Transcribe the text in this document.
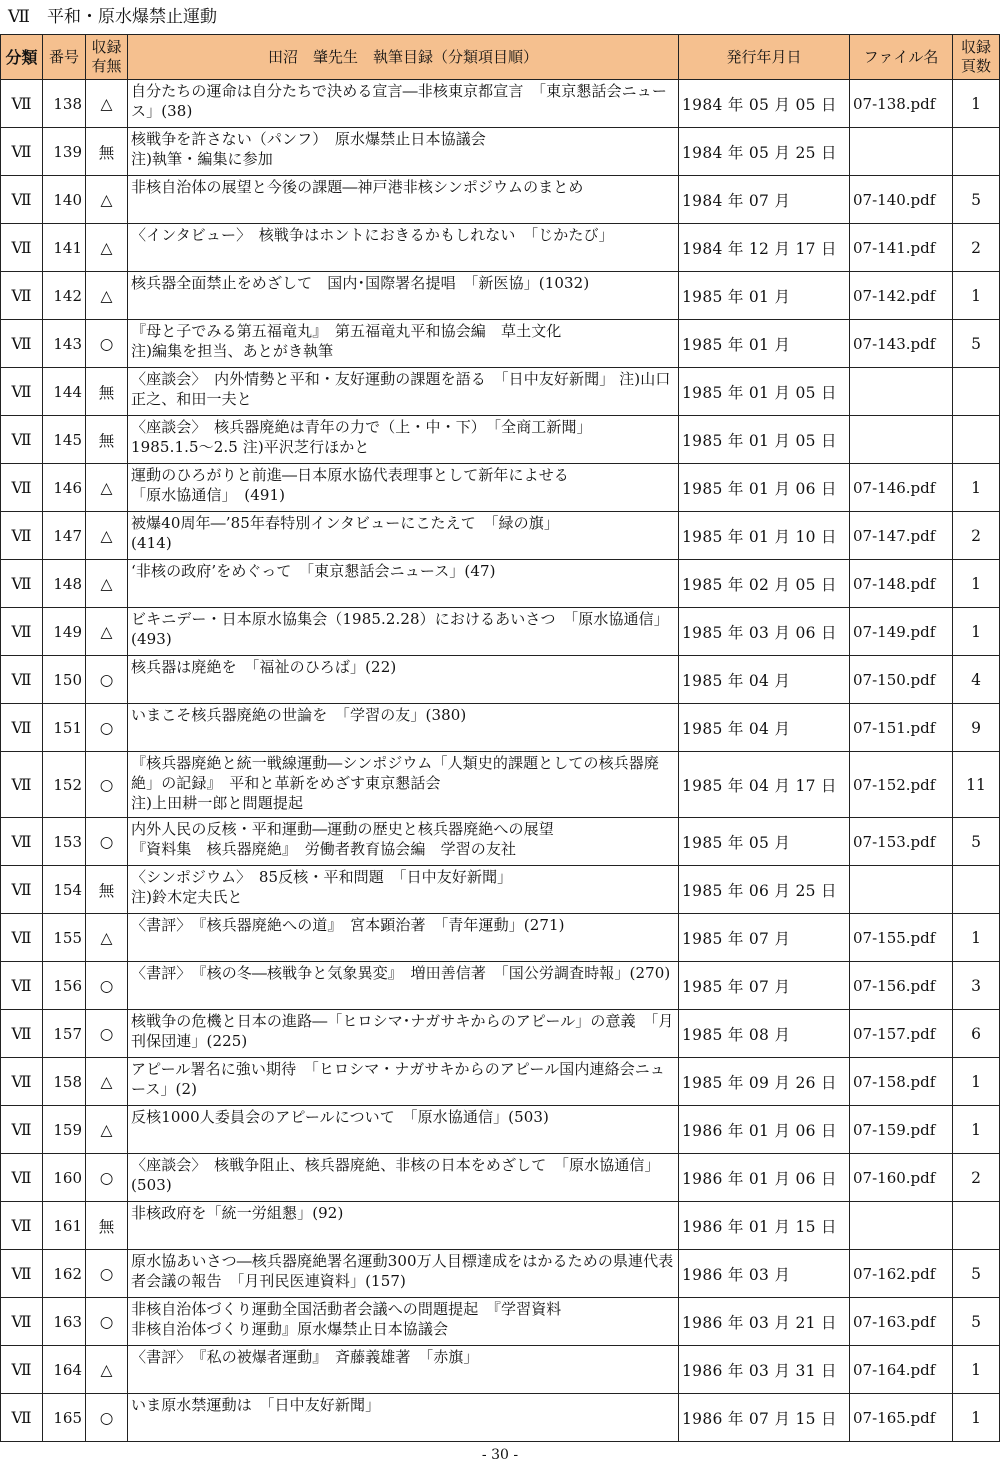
Ⅶ　平和・原水爆禁止運動
分類	番号	収録
有無	田沼　肇先生　執筆目録（分類項目順）	発行年月日	ファイル名	収録
頁数
Ⅶ	138	△	自分たちの運命は自分たちで決める宣言―非核東京都宣言　「東京懇話会ニュース」(38)	1984 年 05 月 05 日	07-138.pdf	1
Ⅶ	139	無	核戦争を許さない（パンフ）　原水爆禁止日本協議会
注)執筆・編集に参加	1984 年 05 月 25 日		
Ⅶ	140	△	非核自治体の展望と今後の課題―神戸港非核シンポジウムのまとめ	1984 年 07 月	07-140.pdf	5
Ⅶ	141	△	〈インタビュー〉　核戦争はホントにおきるかもしれない　「じかたび」	1984 年 12 月 17 日	07-141.pdf	2
Ⅶ	142	△	核兵器全面禁止をめざして　国内･国際署名提唱　「新医協」(1032)	1985 年 01 月	07-142.pdf	1
Ⅶ	143	○	『母と子でみる第五福竜丸』　第五福竜丸平和協会編　草土文化
注)編集を担当、あとがき執筆	1985 年 01 月	07-143.pdf	5
Ⅶ	144	無	〈座談会〉　内外情勢と平和・友好運動の課題を語る　「日中友好新聞」 注)山口正之、和田一夫と	1985 年 01 月 05 日		
Ⅶ	145	無	〈座談会〉　核兵器廃絶は青年の力で（上・中・下）　「全商工新聞」
1985.1.5～2.5 注)平沢芝行ほかと	1985 年 01 月 05 日		
Ⅶ	146	△	運動のひろがりと前進―日本原水協代表理事として新年によせる
「原水協通信」　(491)	1985 年 01 月 06 日	07-146.pdf	1
Ⅶ	147	△	被爆40周年―’85年春特別インタビューにこたえて　「緑の旗」
(414)	1985 年 01 月 10 日	07-147.pdf	2
Ⅶ	148	△	‘非核の政府’をめぐって　「東京懇話会ニュース」(47)	1985 年 02 月 05 日	07-148.pdf	1
Ⅶ	149	△	ビキニデー・日本原水協集会（1985.2.28）におけるあいさつ　「原水協通信」(493)	1985 年 03 月 06 日	07-149.pdf	1
Ⅶ	150	○	核兵器は廃絶を　「福祉のひろば」(22)	1985 年 04 月	07-150.pdf	4
Ⅶ	151	○	いまこそ核兵器廃絶の世論を　「学習の友」(380)	1985 年 04 月	07-151.pdf	9
Ⅶ	152	○	『核兵器廃絶と統一戦線運動―シンポジウム「人類史的課題としての核兵器廃絶」の記録』　平和と革新をめざす東京懇話会
注)上田耕一郎と問題提起	1985 年 04 月 17 日	07-152.pdf	11
Ⅶ	153	○	内外人民の反核・平和運動―運動の歴史と核兵器廃絶への展望
『資料集　核兵器廃絶』　労働者教育協会編　学習の友社	1985 年 05 月	07-153.pdf	5
Ⅶ	154	無	〈シンポジウム〉　85反核・平和問題　「日中友好新聞」
注)鈴木定夫氏と	1985 年 06 月 25 日		
Ⅶ	155	△	〈書評〉　『核兵器廃絶への道』　宮本顕治著　「青年運動」(271)	1985 年 07 月	07-155.pdf	1
Ⅶ	156	○	〈書評〉　『核の冬―核戦争と気象異変』　増田善信著　「国公労調査時報」(270)	1985 年 07 月	07-156.pdf	3
Ⅶ	157	○	核戦争の危機と日本の進路―「ヒロシマ･ナガサキからのアピール」の意義　「月刊保団連」(225)	1985 年 08 月	07-157.pdf	6
Ⅶ	158	△	アピール署名に強い期待　「ヒロシマ・ナガサキからのアピール国内連絡会ニュース」(2)	1985 年 09 月 26 日	07-158.pdf	1
Ⅶ	159	△	反核1000人委員会のアピールについて　「原水協通信」(503)	1986 年 01 月 06 日	07-159.pdf	1
Ⅶ	160	○	〈座談会〉　核戦争阻止、核兵器廃絶、非核の日本をめざして　「原水協通信」(503)	1986 年 01 月 06 日	07-160.pdf	2
Ⅶ	161	無	非核政府を「統一労組懇」(92)	1986 年 01 月 15 日		
Ⅶ	162	○	原水協あいさつ―核兵器廃絶署名運動300万人目標達成をはかるための県連代表者会議の報告　「月刊民医連資料」(157)	1986 年 03 月	07-162.pdf	5
Ⅶ	163	○	非核自治体づくり運動全国活動者会議への問題提起　『学習資料
非核自治体づくり運動』原水爆禁止日本協議会	1986 年 03 月 21 日	07-163.pdf	5
Ⅶ	164	△	〈書評〉　『私の被爆者運動』　斉藤義雄著　「赤旗」	1986 年 03 月 31 日	07-164.pdf	1
Ⅶ	165	○	いま原水禁運動は　「日中友好新聞」	1986 年 07 月 15 日	07-165.pdf	1
- 30 -
